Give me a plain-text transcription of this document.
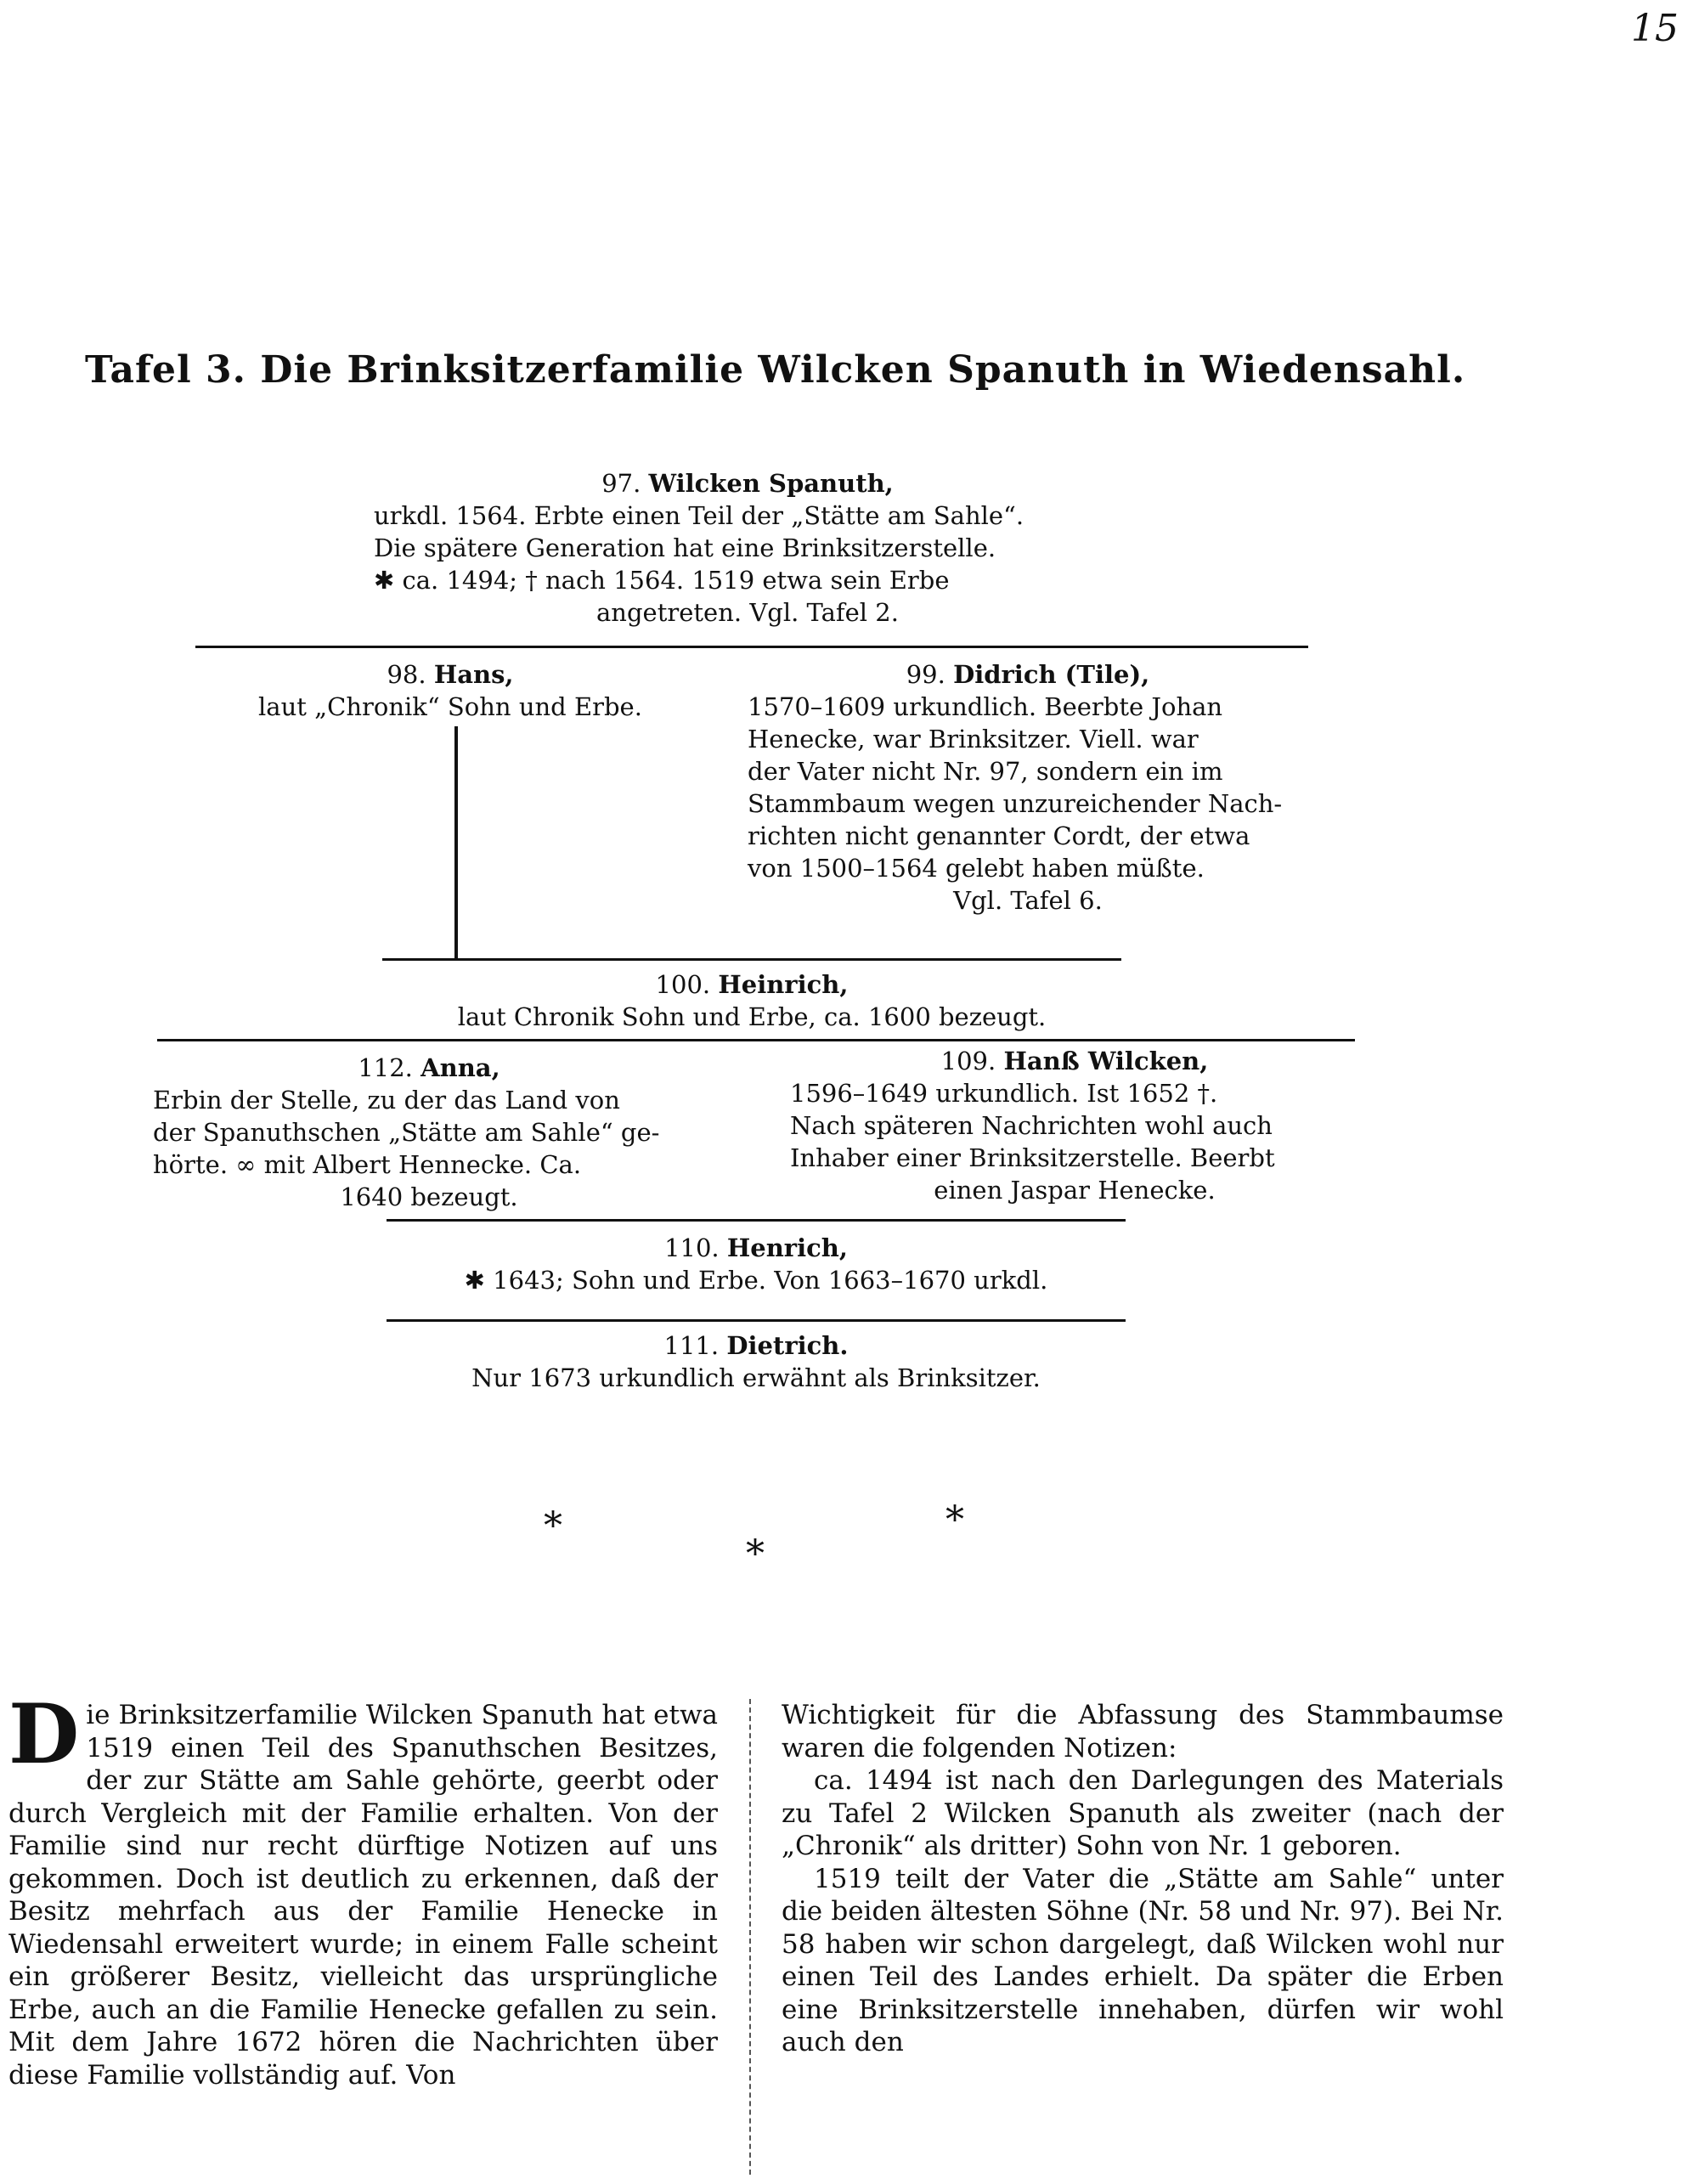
15
Tafel 3. Die Brinksitzerfamilie Wilcken Spanuth in Wiedensahl.
97. Wilcken Spanuth,
urkdl. 1564. Erbte einen Teil der „Stätte am Sahle“.
Die spätere Generation hat eine Brinksitzerstelle.
✱ ca. 1494; † nach 1564. 1519 etwa sein Erbe
angetreten. Vgl. Tafel 2.
98. Hans,
laut „Chronik“ Sohn und Erbe.
99. Didrich (Tile),
1570–1609 urkundlich. Beerbte Johan
Henecke, war Brinksitzer. Viell. war
der Vater nicht Nr. 97, sondern ein im
Stammbaum wegen unzureichender Nach-
richten nicht genannter Cordt, der etwa
von 1500–1564 gelebt haben müßte.
Vgl. Tafel 6.
100. Heinrich,
laut Chronik Sohn und Erbe, ca. 1600 bezeugt.
112. Anna,
Erbin der Stelle, zu der das Land von
der Spanuthschen „Stätte am Sahle“ ge-
hörte. ∞ mit Albert Hennecke. Ca.
1640 bezeugt.
109. Hanß Wilcken,
1596–1649 urkundlich. Ist 1652 †.
Nach späteren Nachrichten wohl auch
Inhaber einer Brinksitzerstelle. Beerbt
einen Jaspar Henecke.
110. Henrich,
✱ 1643; Sohn und Erbe. Von 1663–1670 urkdl.
111. Dietrich.
Nur 1673 urkundlich erwähnt als Brinksitzer.
*
*
*

D ie Brinksitzerfamilie Wilcken Spanuth hat etwa 1519 einen Teil des Spanuthschen Besitzes, der zur Stätte am Sahle gehörte, geerbt oder durch Vergleich mit der Familie erhalten. Von der Familie sind nur recht dürftige Notizen auf uns gekommen. Doch ist deutlich zu erkennen, daß der Besitz mehrfach aus der Familie Henecke in Wiedensahl erweitert wurde; in einem Falle scheint ein größerer Besitz, vielleicht das ursprüngliche Erbe, auch an die Familie Henecke gefallen zu sein. Mit dem Jahre 1672 hören die Nachrichten über diese Familie vollständig auf. Von

Wichtigkeit für die Abfassung des Stammbaumse waren die folgenden Notizen:

ca. 1494 ist nach den Darlegungen des Materials zu Tafel 2 Wilcken Spanuth als zweiter (nach der „Chronik“ als dritter) Sohn von Nr. 1 geboren.

1519 teilt der Vater die „Stätte am Sahle“ unter die beiden ältesten Söhne (Nr. 58 und Nr. 97). Bei Nr. 58 haben wir schon dargelegt, daß Wilcken wohl nur einen Teil des Landes erhielt. Da später die Erben eine Brinksitzerstelle innehaben, dürfen wir wohl auch den
